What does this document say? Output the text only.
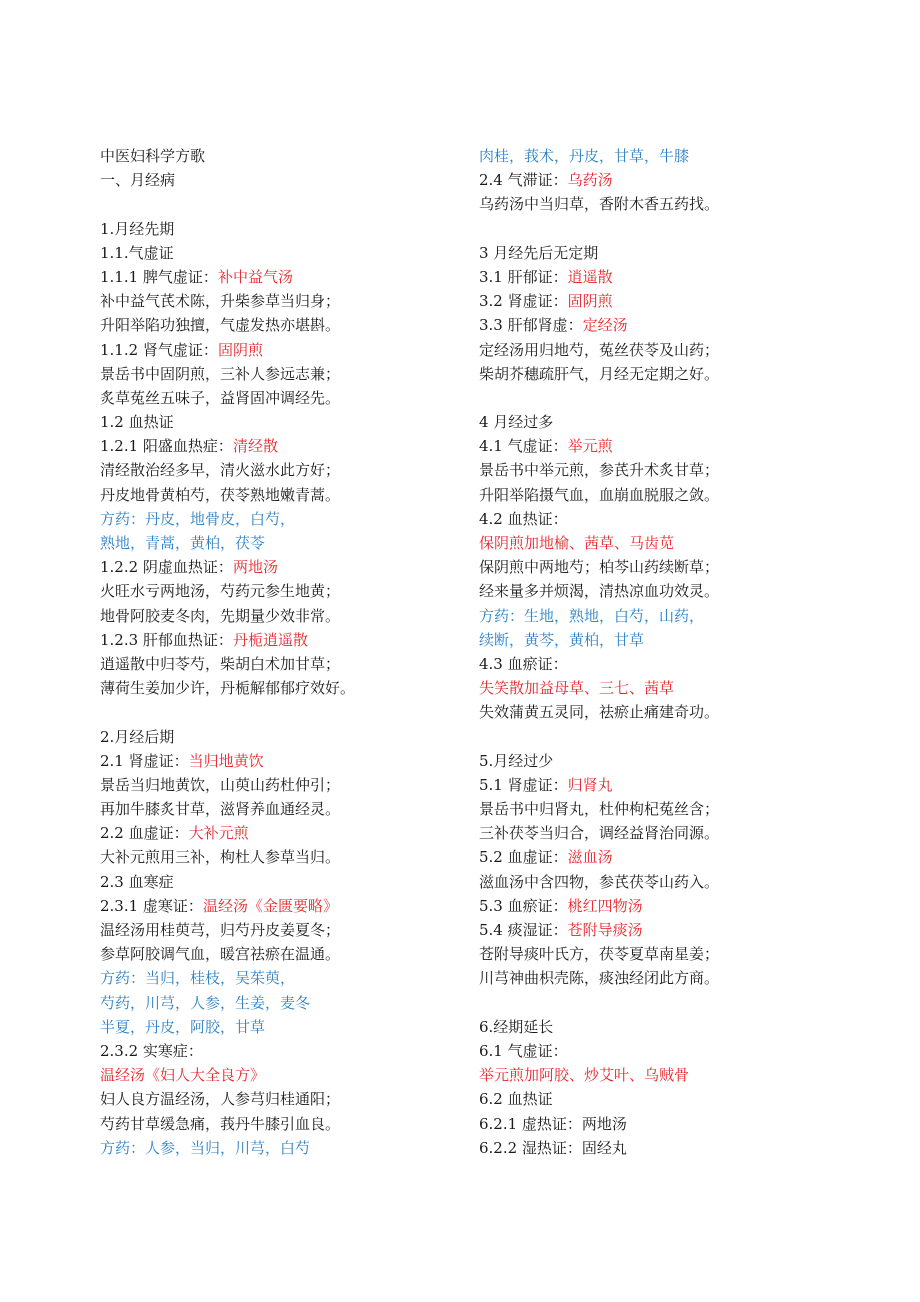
中医妇科学方歌
一、月经病
1.月经先期
1.1.气虚证
1.1.1 脾气虚证：补中益气汤
补中益气芪术陈，升柴参草当归身；
升阳举陷功独擅，气虚发热亦堪斟。
1.1.2 肾气虚证：固阴煎
景岳书中固阴煎，三补人参远志兼；
炙草菟丝五味子，益肾固冲调经先。
1.2 血热证
1.2.1 阳盛血热症：清经散
清经散治经多早，清火滋水此方好；
丹皮地骨黄柏芍，茯苓熟地嫩青蒿。
方药：丹皮，地骨皮，白芍，
熟地，青蒿，黄柏，茯苓
1.2.2 阴虚血热证：两地汤
火旺水亏两地汤，芍药元参生地黄；
地骨阿胶麦冬肉，先期量少效非常。
1.2.3 肝郁血热证：丹栀逍遥散
逍遥散中归苓芍，柴胡白术加甘草；
薄荷生姜加少许，丹栀解郁郁疗效好。
2.月经后期
2.1 肾虚证：当归地黄饮
景岳当归地黄饮，山萸山药杜仲引；
再加牛膝炙甘草，滋肾养血通经灵。
2.2 血虚证：大补元煎
大补元煎用三补，枸杜人参草当归。
2.3 血寒症
2.3.1 虚寒证：温经汤《金匮要略》
温经汤用桂萸芎，归芍丹皮姜夏冬；
参草阿胶调气血，暖宫祛瘀在温通。
方药：当归，桂枝，吴茱萸，
芍药，川芎，人参，生姜，麦冬
半夏，丹皮，阿胶，甘草
2.3.2 实寒症：
温经汤《妇人大全良方》
妇人良方温经汤，人参芎归桂通阳；
芍药甘草缓急痛，莪丹牛膝引血良。
方药：人参，当归，川芎，白芍
肉桂，莪术，丹皮，甘草，牛膝
2.4 气滞证：乌药汤
乌药汤中当归草，香附木香五药找。
3 月经先后无定期
3.1 肝郁证：逍遥散
3.2 肾虚证：固阴煎
3.3 肝郁肾虚：定经汤
定经汤用归地芍，菟丝茯苓及山药；
柴胡芥穗疏肝气，月经无定期之好。
4 月经过多
4.1 气虚证：举元煎
景岳书中举元煎，参芪升术炙甘草；
升阳举陷摄气血，血崩血脱服之敛。
4.2 血热证：
保阴煎加地榆、茜草、马齿苋
保阴煎中两地芍；柏芩山药续断草；
经来量多并烦渴，清热凉血功效灵。
方药：生地，熟地，白芍，山药，
续断，黄芩，黄柏，甘草
4.3 血瘀证：
失笑散加益母草、三七、茜草
失效蒲黄五灵同，祛瘀止痛建奇功。
5.月经过少
5.1 肾虚证：归肾丸
景岳书中归肾丸，杜仲枸杞菟丝含；
三补茯苓当归合，调经益肾治同源。
5.2 血虚证：滋血汤
滋血汤中含四物，参芪茯苓山药入。
5.3 血瘀证：桃红四物汤
5.4 痰湿证：苍附导痰汤
苍附导痰叶氏方，茯苓夏草南星姜；
川芎神曲枳壳陈，痰浊经闭此方商。
6.经期延长
6.1 气虚证：
举元煎加阿胶、炒艾叶、乌贼骨
6.2 血热证
6.2.1 虚热证：两地汤
6.2.2 湿热证：固经丸
